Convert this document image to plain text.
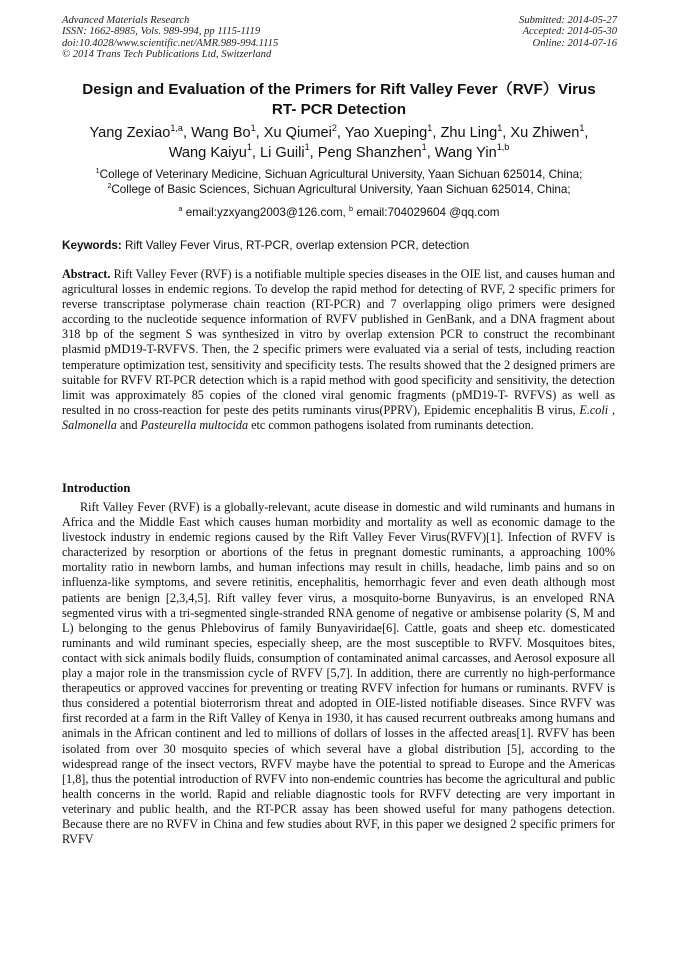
Advanced Materials Research
ISSN: 1662-8985, Vols. 989-994, pp 1115-1119
doi:10.4028/www.scientific.net/AMR.989-994.1115
© 2014 Trans Tech Publications Ltd, Switzerland
Submitted: 2014-05-27
Accepted: 2014-05-30
Online: 2014-07-16
Design and Evaluation of the Primers for Rift Valley Fever（RVF）Virus
RT- PCR Detection
Yang Zexiao$^{1,a}$, Wang Bo$^1$, Xu Qiumei$^2$, Yao Xueping$^1$, Zhu Ling$^1$, Xu Zhiwen$^1$,
Wang Kaiyu$^1$, Li Guili$^1$, Peng Shanzhen$^1$, Wang Yin$^{1,b}$
$^1$College of Veterinary Medicine, Sichuan Agricultural University, Yaan Sichuan 625014, China;
$^2$College of Basic Sciences, Sichuan Agricultural University, Yaan Sichuan 625014, China;
$^a$ email:yzxyang2003@126.com, $^b$ email:704029604 @qq.com
Keywords: Rift Valley Fever Virus, RT-PCR, overlap extension PCR, detection

Abstract. Rift Valley Fever (RVF) is a notifiable multiple species diseases in the OIE list, and causes human and agricultural losses in endemic regions. To develop the rapid method for detecting of RVF, 2 specific primers for reverse transcriptase polymerase chain reaction (RT-PCR) and 7 overlapping oligo primers were designed according to the nucleotide sequence information of RVFV published in GenBank, and a DNA fragment about 318 bp of the segment S was synthesized in vitro by overlap extension PCR to construct the recombinant plasmid pMD19-T-RVFVS. Then, the 2 specific primers were evaluated via a serial of tests, including reaction temperature optimization test, sensitivity and specificity tests. The results showed that the 2 designed primers are suitable for RVFV RT-PCR detection which is a rapid method with good specificity and sensitivity, the detection limit was approximately 85 copies of the cloned viral genomic fragments (pMD19-T- RVFVS) as well as resulted in no cross-reaction for peste des petits ruminants virus(PPRV), Epidemic encephalitis B virus, E.coli , Salmonella and Pasteurella multocida etc common pathogens isolated from ruminants detection.

Introduction

Rift Valley Fever (RVF) is a globally-relevant, acute disease in domestic and wild ruminants and humans in Africa and the Middle East which causes human morbidity and mortality as well as economic damage to the livestock industry in endemic regions caused by the Rift Valley Fever Virus(RVFV)[1]. Infection of RVFV is characterized by resorption or abortions of the fetus in pregnant domestic ruminants, a approaching 100% mortality ratio in newborn lambs, and human infections may result in chills, headache, limb pains and so on influenza-like symptoms, and severe retinitis, encephalitis, hemorrhagic fever and even death although most patients are benign [2,3,4,5]. Rift valley fever virus, a mosquito-borne Bunyavirus, is an enveloped RNA segmented virus with a tri-segmented single-stranded RNA genome of negative or ambisense polarity (S, M and L) belonging to the genus Phlebovirus of family Bunyaviridae[6]. Cattle, goats and sheep etc. domesticated ruminants and wild ruminant species, especially sheep, are the most susceptible to RVFV. Mosquitoes bites, contact with sick animals bodily fluids, consumption of contaminated animal carcasses, and Aerosol exposure all play a major role in the transmission cycle of RVFV [5,7]. In addition, there are currently no high-performance therapeutics or approved vaccines for preventing or treating RVFV infection for humans or ruminants. RVFV is thus considered a potential bioterrorism threat and adopted in OIE-listed notifiable diseases. Since RVFV was first recorded at a farm in the Rift Valley of Kenya in 1930, it has caused recurrent outbreaks among humans and animals in the African continent and led to millions of dollars of losses in the affected areas[1]. RVFV has been isolated from over 30 mosquito species of which several have a global distribution [5], according to the widespread range of the insect vectors, RVFV maybe have the potential to spread to Europe and the Americas [1,8], thus the potential introduction of RVFV into non-endemic countries has become the agricultural and public health concerns in the world. Rapid and reliable diagnostic tools for RVFV detecting are very important in veterinary and public health, and the RT-PCR assay has been showed useful for many pathogens detection. Because there are no RVFV in China and few studies about RVF, in this paper we designed 2 specific primers for RVFV
